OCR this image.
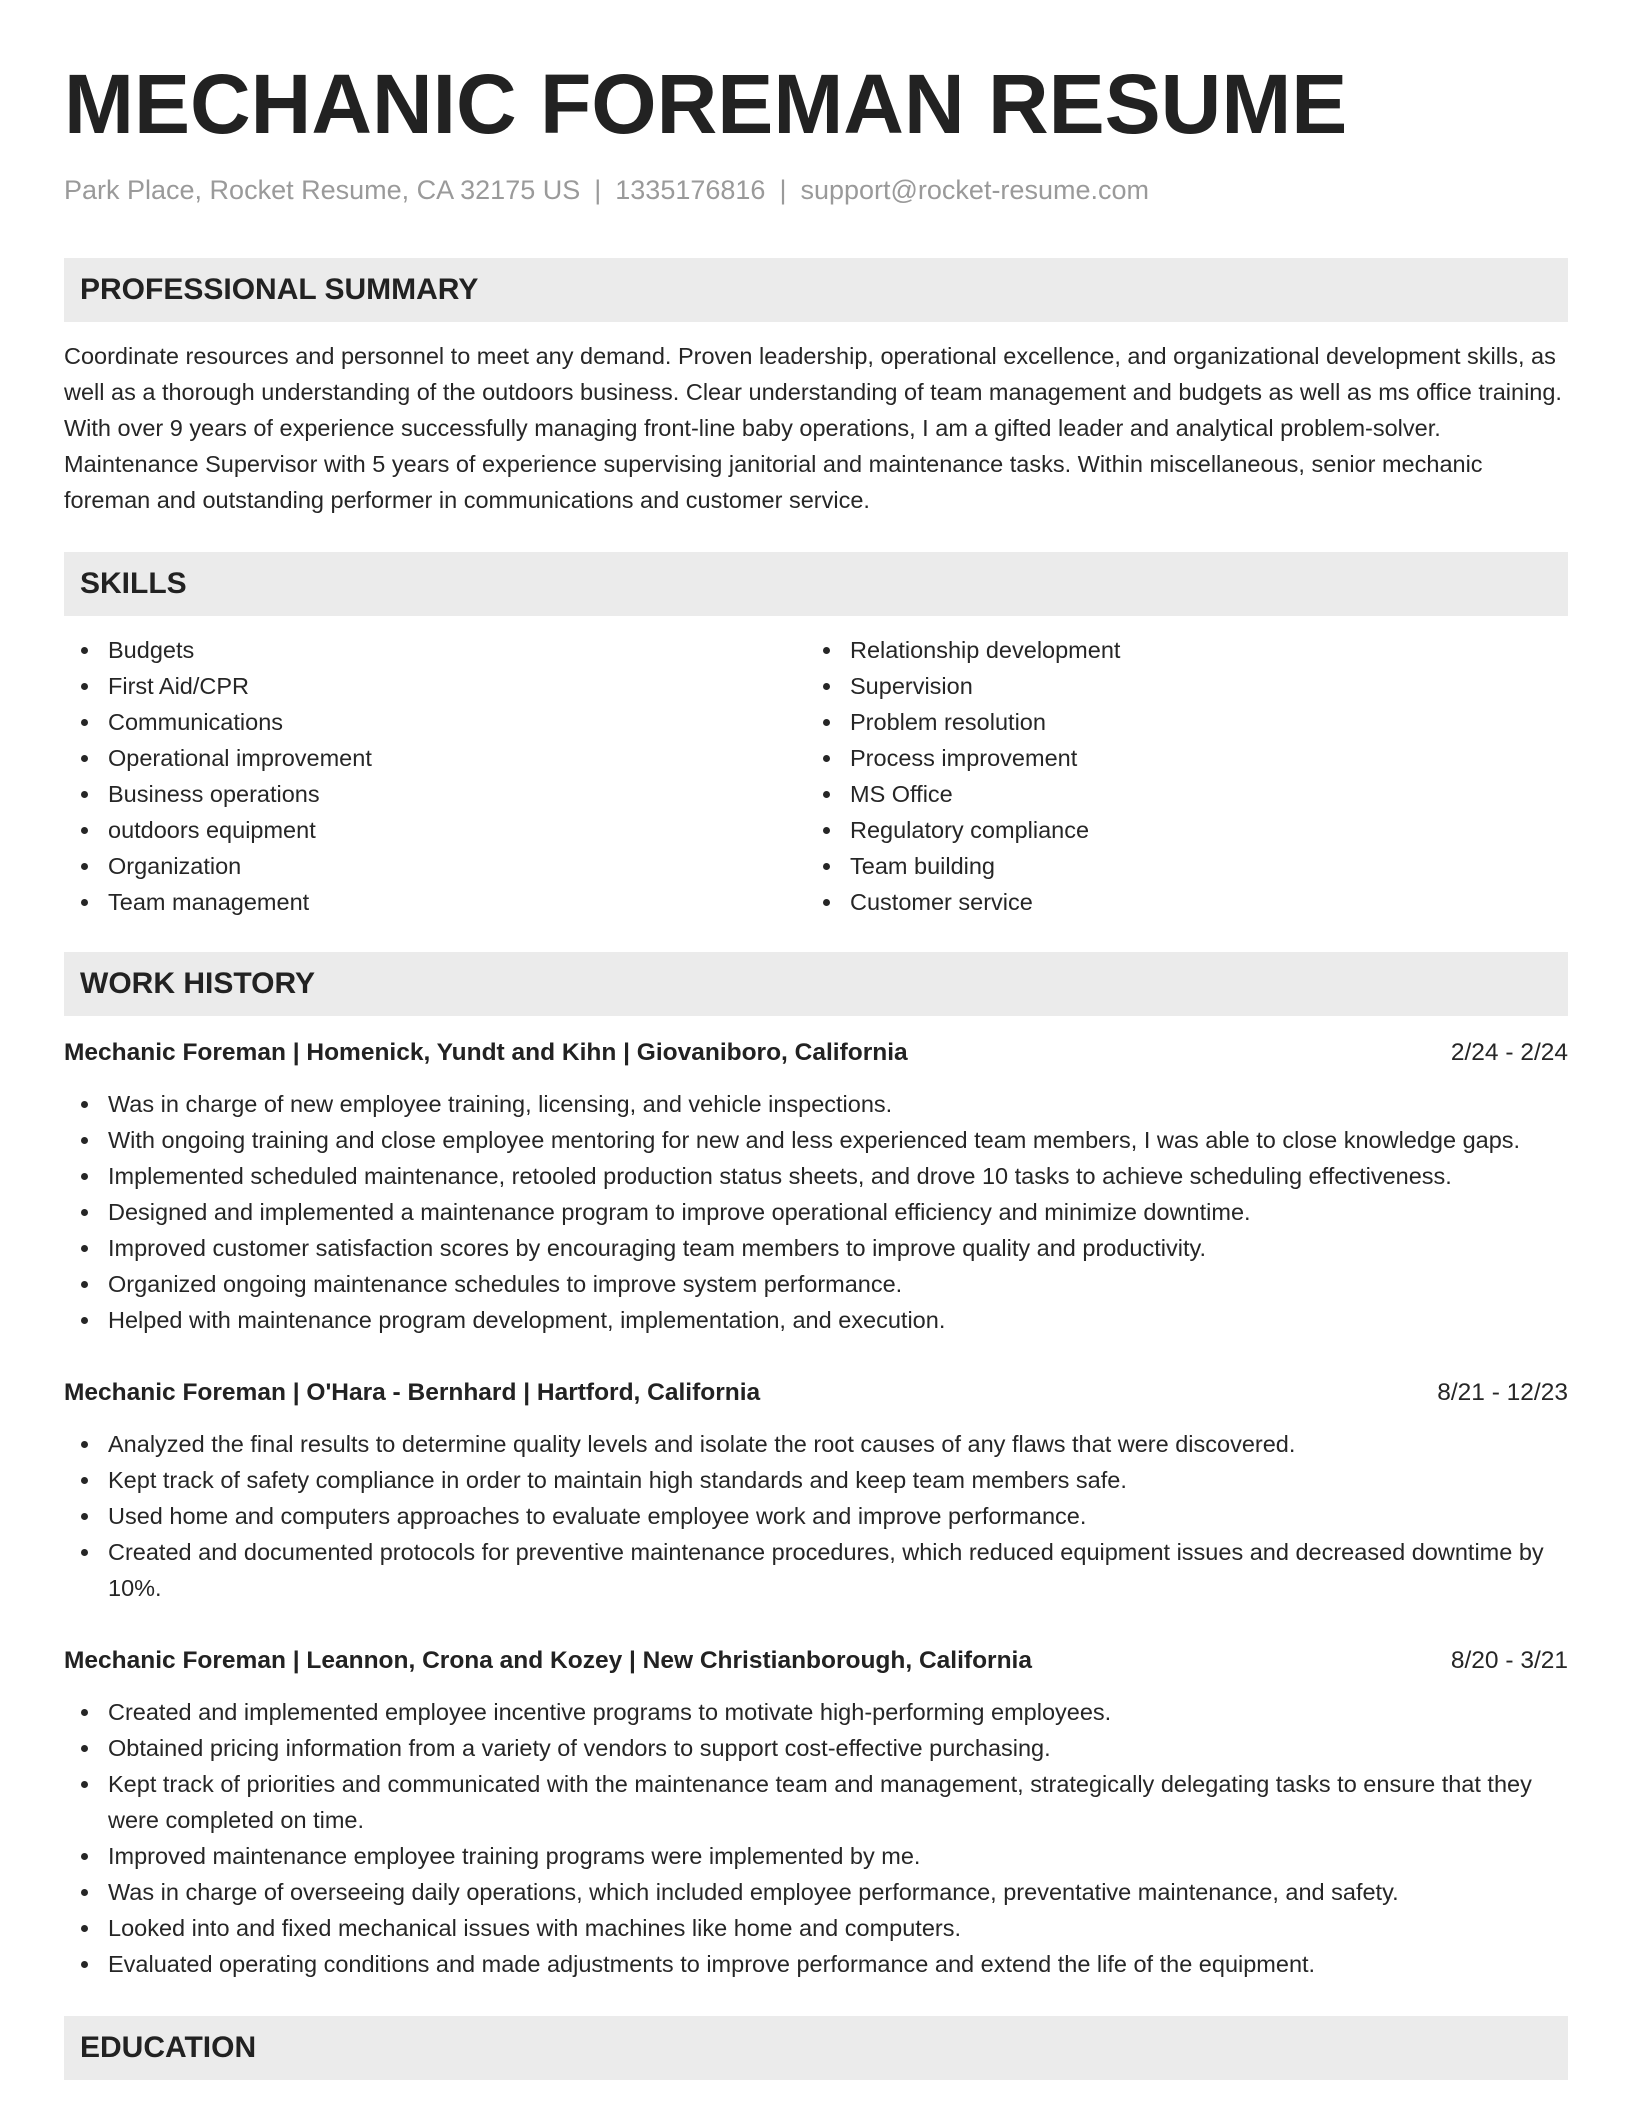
MECHANIC FOREMAN RESUME
Park Place, Rocket Resume, CA 32175 US | 1335176816 | support@rocket-resume.com
PROFESSIONAL SUMMARY
Coordinate resources and personnel to meet any demand. Proven leadership, operational excellence, and organizational development skills, as well as a thorough understanding of the outdoors business. Clear understanding of team management and budgets as well as ms office training. With over 9 years of experience successfully managing front-line baby operations, I am a gifted leader and analytical problem-solver. Maintenance Supervisor with 5 years of experience supervising janitorial and maintenance tasks. Within miscellaneous, senior mechanic foreman and outstanding performer in communications and customer service.
SKILLS
Budgets
First Aid/CPR
Communications
Operational improvement
Business operations
outdoors equipment
Organization
Team management
Relationship development
Supervision
Problem resolution
Process improvement
MS Office
Regulatory compliance
Team building
Customer service
WORK HISTORY
Mechanic Foreman | Homenick, Yundt and Kihn | Giovaniboro, California	2/24 - 2/24
Was in charge of new employee training, licensing, and vehicle inspections.
With ongoing training and close employee mentoring for new and less experienced team members, I was able to close knowledge gaps.
Implemented scheduled maintenance, retooled production status sheets, and drove 10 tasks to achieve scheduling effectiveness.
Designed and implemented a maintenance program to improve operational efficiency and minimize downtime.
Improved customer satisfaction scores by encouraging team members to improve quality and productivity.
Organized ongoing maintenance schedules to improve system performance.
Helped with maintenance program development, implementation, and execution.
Mechanic Foreman | O'Hara - Bernhard | Hartford, California	8/21 - 12/23
Analyzed the final results to determine quality levels and isolate the root causes of any flaws that were discovered.
Kept track of safety compliance in order to maintain high standards and keep team members safe.
Used home and computers approaches to evaluate employee work and improve performance.
Created and documented protocols for preventive maintenance procedures, which reduced equipment issues and decreased downtime by 10%.
Mechanic Foreman | Leannon, Crona and Kozey | New Christianborough, California	8/20 - 3/21
Created and implemented employee incentive programs to motivate high-performing employees.
Obtained pricing information from a variety of vendors to support cost-effective purchasing.
Kept track of priorities and communicated with the maintenance team and management, strategically delegating tasks to ensure that they were completed on time.
Improved maintenance employee training programs were implemented by me.
Was in charge of overseeing daily operations, which included employee performance, preventative maintenance, and safety.
Looked into and fixed mechanical issues with machines like home and computers.
Evaluated operating conditions and made adjustments to improve performance and extend the life of the equipment.
EDUCATION
